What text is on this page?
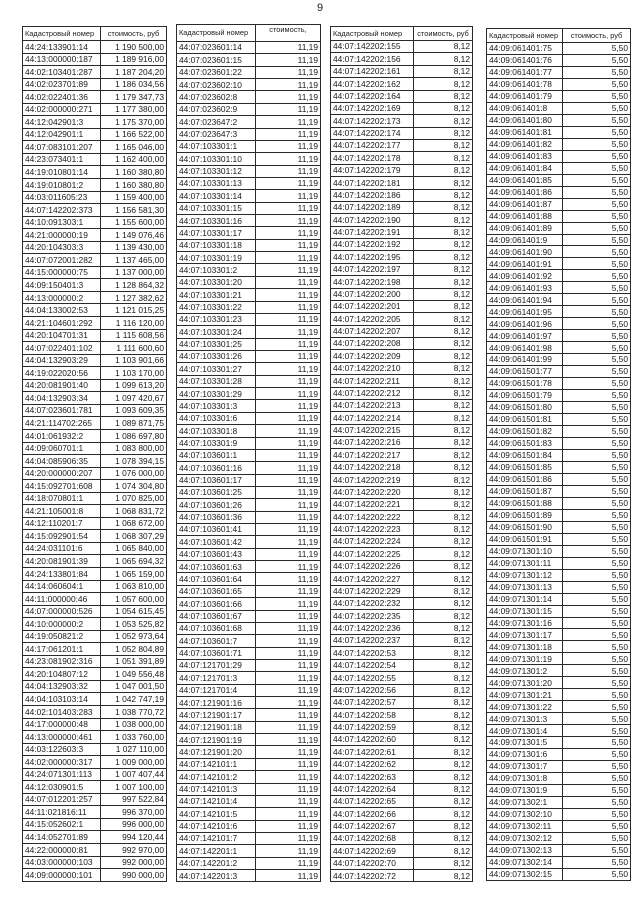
9
Кадастровый номер	стоимость, руб
44:24:133901:14	1 190 500,00
44:13:000000:187	1 189 916,00
44:02:103401:287	1 187 204,20
44:02:023701:89	1 186 034,56
44:02:022401:36	1 179 347,73
44:02:000000:271	1 177 380,00
44:12:042901:3	1 175 370,00
44:12:042901:1	1 166 522,00
44:07:083101:207	1 165 046,00
44:23:073401:1	1 162 400,00
44:19:010801:14	1 160 380,80
44:19:010801:2	1 160 380,80
44:03:011605:23	1 159 400,00
44:07:142202:373	1 156 581,30
44:10:091303:1	1 155 600,00
44:21:000000:19	1 149 076,46
44:20:104303:3	1 139 430,00
44:07:072001:282	1 137 465,00
44:15:000000:75	1 137 000,00
44:09:150401:3	1 128 864,32
44:13:000000:2	1 127 382,62
44:04:133002:53	1 121 015,25
44:21:104601:292	1 116 120,00
44:20:104701:31	1 115 608,56
44:07:022401:102	1 111 600,60
44:04:132903:29	1 103 901,66
44:19:022020:56	1 103 170,00
44:20:081901:40	1 099 613,20
44:04:132903:34	1 097 420,67
44:07:023601:781	1 093 609,35
44:21:114702:265	1 089 871,75
44:01:061932:2	1 086 697,80
44:09:060701:1	1 083 800,00
44:04:085906:35	1 078 394,15
44:20:000000:207	1 076 000,00
44:15:092701:608	1 074 304,80
44:18:070801:1	1 070 825,00
44:21:105001:8	1 068 831,72
44:12:110201:7	1 068 672,00
44:15:092901:54	1 068 307,29
44:24:031101:6	1 065 840,00
44:20:081901:39	1 065 694,32
44:24:133801:84	1 065 159,00
44:14:060604:1	1 063 810,00
44:11:000000:46	1 057 600,00
44:07:000000:526	1 054 615,45
44:10:000000:2	1 053 525,82
44:19:050821:2	1 052 973,64
44:17:061201:1	1 052 804,89
44:23:081902:316	1 051 391,89
44:20:104807:12	1 049 556,48
44:04:132903:32	1 047 001,50
44:04:103103:14	1 042 747,19
44:02:101403:283	1 038 770,72
44:17:000000:48	1 038 000,00
44:13:000000:461	1 033 760,00
44:03:122603:3	1 027 110,00
44:02:000000:317	1 009 000,00
44:24:071301:113	1 007 407,44
44:12:030901:5	1 007 100,00
44:07:012201:257	997 522,84
44:11:021816:11	996 370,00
44:15:052602:1	996 000,00
44:14:052701:89	994 120,44
44:22:000000:81	992 970,00
44:03:000000:103	992 000,00
44:09:000000:101	990 000,00
Кадастровый номер	стоимость,
44:07:023601:14	11,19
44:07:023601:15	11,19
44:07:023601:22	11,19
44:07:023602:10	11,19
44:07:023602:8	11,19
44:07:023602:9	11,19
44:07:023647:2	11,19
44:07:023647:3	11,19
44:07:103301:1	11,19
44:07:103301:10	11,19
44:07:103301:12	11,19
44:07:103301:13	11,19
44:07:103301:14	11,19
44:07:103301:15	11,19
44:07:103301:16	11,19
44:07:103301:17	11,19
44:07:103301:18	11,19
44:07:103301:19	11,19
44:07:103301:2	11,19
44:07:103301:20	11,19
44:07:103301:21	11,19
44:07:103301:22	11,19
44:07:103301:23	11,19
44:07:103301:24	11,19
44:07:103301:25	11,19
44:07:103301:26	11,19
44:07:103301:27	11,19
44:07:103301:28	11,19
44:07:103301:29	11,19
44:07:103301:3	11,19
44:07:103301:6	11,19
44:07:103301:8	11,19
44:07:103301:9	11,19
44:07:103601:1	11,19
44:07:103601:16	11,19
44:07:103601:17	11,19
44:07:103601:25	11,19
44:07:103601:26	11,19
44:07:103601:36	11,19
44:07:103601:41	11,19
44:07:103601:42	11,19
44:07:103601:43	11,19
44:07:103601:63	11,19
44:07:103601:64	11,19
44:07:103601:65	11,19
44:07:103601:66	11,19
44:07:103601:67	11,19
44:07:103601:68	11,19
44:07:103601:7	11,19
44:07:103601:71	11,19
44:07:121701:29	11,19
44:07:121701:3	11,19
44:07:121701:4	11,19
44:07:121901:16	11,19
44:07:121901:17	11,19
44:07:121901:18	11,19
44:07:121901:19	11,19
44:07:121901:20	11,19
44:07:142101:1	11,19
44:07:142101:2	11,19
44:07:142101:3	11,19
44:07:142101:4	11,19
44:07:142101:5	11,19
44:07:142101:6	11,19
44:07:142101:7	11,19
44:07:142201:1	11,19
44:07:142201:2	11,19
44:07:142201:3	11,19
Кадастровый номер	стоимость, руб
44:07:142202:155	8,12
44:07:142202:156	8,12
44:07:142202:161	8,12
44:07:142202:162	8,12
44:07:142202:164	8,12
44:07:142202:169	8,12
44:07:142202:173	8,12
44:07:142202:174	8,12
44:07:142202:177	8,12
44:07:142202:178	8,12
44:07:142202:179	8,12
44:07:142202:181	8,12
44:07:142202:186	8,12
44:07:142202:189	8,12
44:07:142202:190	8,12
44:07:142202:191	8,12
44:07:142202:192	8,12
44:07:142202:195	8,12
44:07:142202:197	8,12
44:07:142202:198	8,12
44:07:142202:200	8,12
44:07:142202:201	8,12
44:07:142202:205	8,12
44:07:142202:207	8,12
44:07:142202:208	8,12
44:07:142202:209	8,12
44:07:142202:210	8,12
44:07:142202:211	8,12
44:07:142202:212	8,12
44:07:142202:213	8,12
44:07:142202:214	8,12
44:07:142202:215	8,12
44:07:142202:216	8,12
44:07:142202:217	8,12
44:07:142202:218	8,12
44:07:142202:219	8,12
44:07:142202:220	8,12
44:07:142202:221	8,12
44:07:142202:222	8,12
44:07:142202:223	8,12
44:07:142202:224	8,12
44:07:142202:225	8,12
44:07:142202:226	8,12
44:07:142202:227	8,12
44:07:142202:229	8,12
44:07:142202:232	8,12
44:07:142202:235	8,12
44:07:142202:236	8,12
44:07:142202:237	8,12
44:07:142202:53	8,12
44:07:142202:54	8,12
44:07:142202:55	8,12
44:07:142202:56	8,12
44:07:142202:57	8,12
44:07:142202:58	8,12
44:07:142202:59	8,12
44:07:142202:60	8,12
44:07:142202:61	8,12
44:07:142202:62	8,12
44:07:142202:63	8,12
44:07:142202:64	8,12
44:07:142202:65	8,12
44:07:142202:66	8,12
44:07:142202:67	8,12
44:07:142202:68	8,12
44:07:142202:69	8,12
44:07:142202:70	8,12
44:07:142202:72	8,12
Кадастровый номер	стоимость, руб
44:09:061401:75	5,50
44:09:061401:76	5,50
44:09:061401:77	5,50
44:09:061401:78	5,50
44:09:061401:79	5,50
44:09:061401:8	5,50
44:09:061401:80	5,50
44:09:061401:81	5,50
44:09:061401:82	5,50
44:09:061401:83	5,50
44:09:061401:84	5,50
44:09:061401:85	5,50
44:09:061401:86	5,50
44:09:061401:87	5,50
44:09:061401:88	5,50
44:09:061401:89	5,50
44:09:061401:9	5,50
44:09:061401:90	5,50
44:09:061401:91	5,50
44:09:061401:92	5,50
44:09:061401:93	5,50
44:09:061401:94	5,50
44:09:061401:95	5,50
44:09:061401:96	5,50
44:09:061401:97	5,50
44:09:061401:98	5,50
44:09:061401:99	5,50
44:09:061501:77	5,50
44:09:061501:78	5,50
44:09:061501:79	5,50
44:09:061501:80	5,50
44:09:061501:81	5,50
44:09:061501:82	5,50
44:09:061501:83	5,50
44:09:061501:84	5,50
44:09:061501:85	5,50
44:09:061501:86	5,50
44:09:061501:87	5,50
44:09:061501:88	5,50
44:09:061501:89	5,50
44:09:061501:90	5,50
44:09:061501:91	5,50
44:09:071301:10	5,50
44:09:071301:11	5,50
44:09:071301:12	5,50
44:09:071301:13	5,50
44:09:071301:14	5,50
44:09:071301:15	5,50
44:09:071301:16	5,50
44:09:071301:17	5,50
44:09:071301:18	5,50
44:09:071301:19	5,50
44:09:071301:2	5,50
44:09:071301:20	5,50
44:09:071301:21	5,50
44:09:071301:22	5,50
44:09:071301:3	5,50
44:09:071301:4	5,50
44:09:071301:5	5,50
44:09:071301:6	5,50
44:09:071301:7	5,50
44:09:071301:8	5,50
44:09:071301:9	5,50
44:09:071302:1	5,50
44:09:071302:10	5,50
44:09:071302:11	5,50
44:09:071302:12	5,50
44:09:071302:13	5,50
44:09:071302:14	5,50
44:09:071302:15	5,50
